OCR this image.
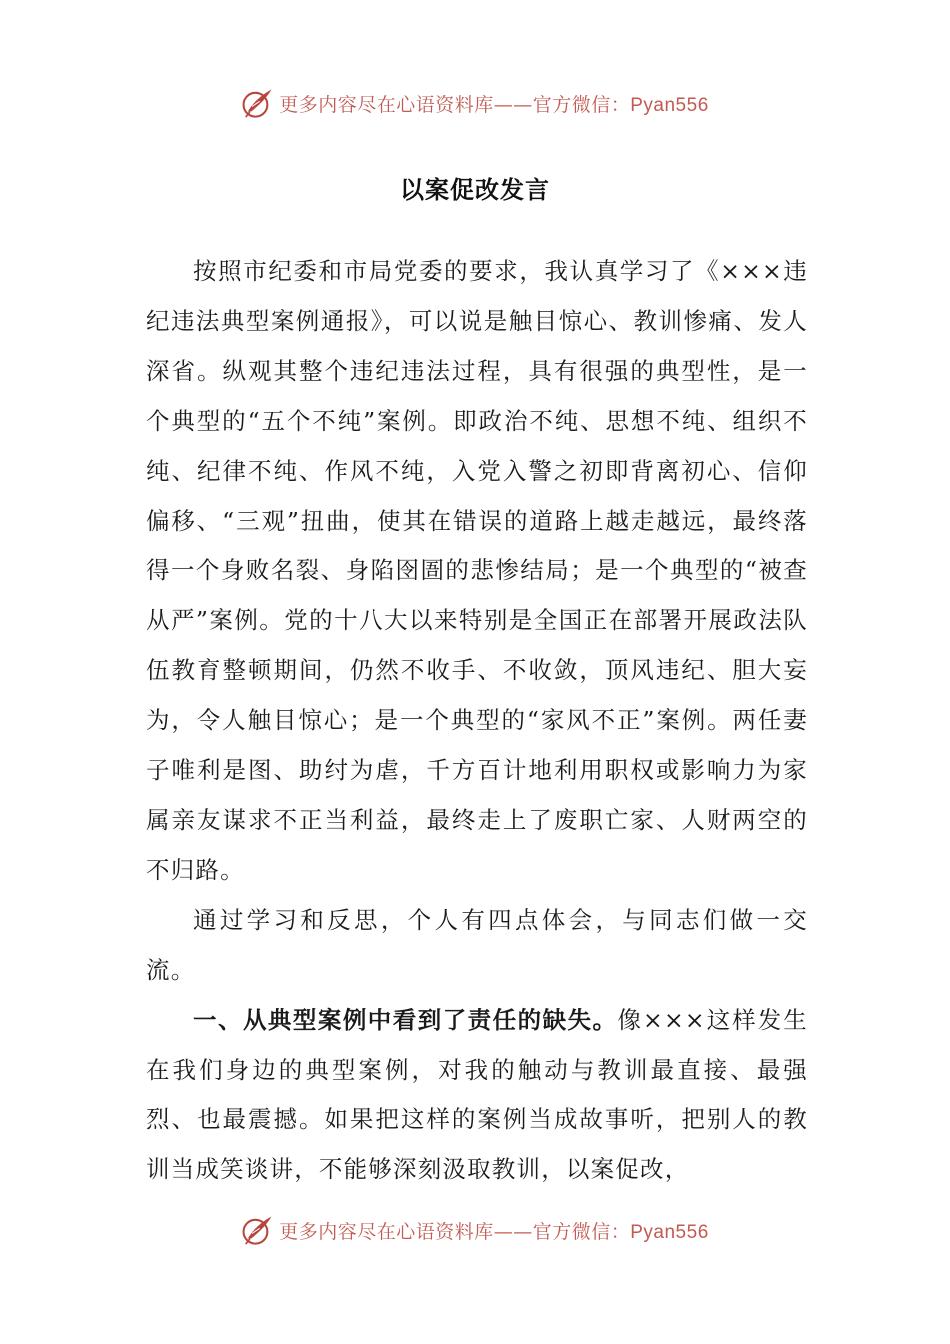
更多内容尽在心语资料库——官方微信：Pyan556
以案促改发言

按照市纪委和市局党委的要求，我认真学习了《×××违纪违法典型案例通报》，可以说是触目惊心、教训惨痛、发人深省。纵观其整个违纪违法过程，具有很强的典型性，是一个典型的“五个不纯”案例。即政治不纯、思想不纯、组织不纯、纪律不纯、作风不纯，入党入警之初即背离初心、信仰偏移、“三观”扭曲，使其在错误的道路上越走越远，最终落得一个身败名裂、身陷囹圄的悲惨结局；是一个典型的“被查从严”案例。党的十八大以来特别是全国正在部署开展政法队伍教育整顿期间，仍然不收手、不收敛，顶风违纪、胆大妄为，令人触目惊心；是一个典型的“家风不正”案例。两任妻子唯利是图、助纣为虐，千方百计地利用职权或影响力为家属亲友谋求不正当利益，最终走上了废职亡家、人财两空的不归路。

通过学习和反思，个人有四点体会，与同志们做一交流。

一、从典型案例中看到了责任的缺失。像×××这样发生在我们身边的典型案例，对我的触动与教训最直接、最强烈、也最震撼。如果把这样的案例当成故事听，把别人的教训当成笑谈讲，不能够深刻汲取教训，以案促改，

更多内容尽在心语资料库——官方微信：Pyan556
